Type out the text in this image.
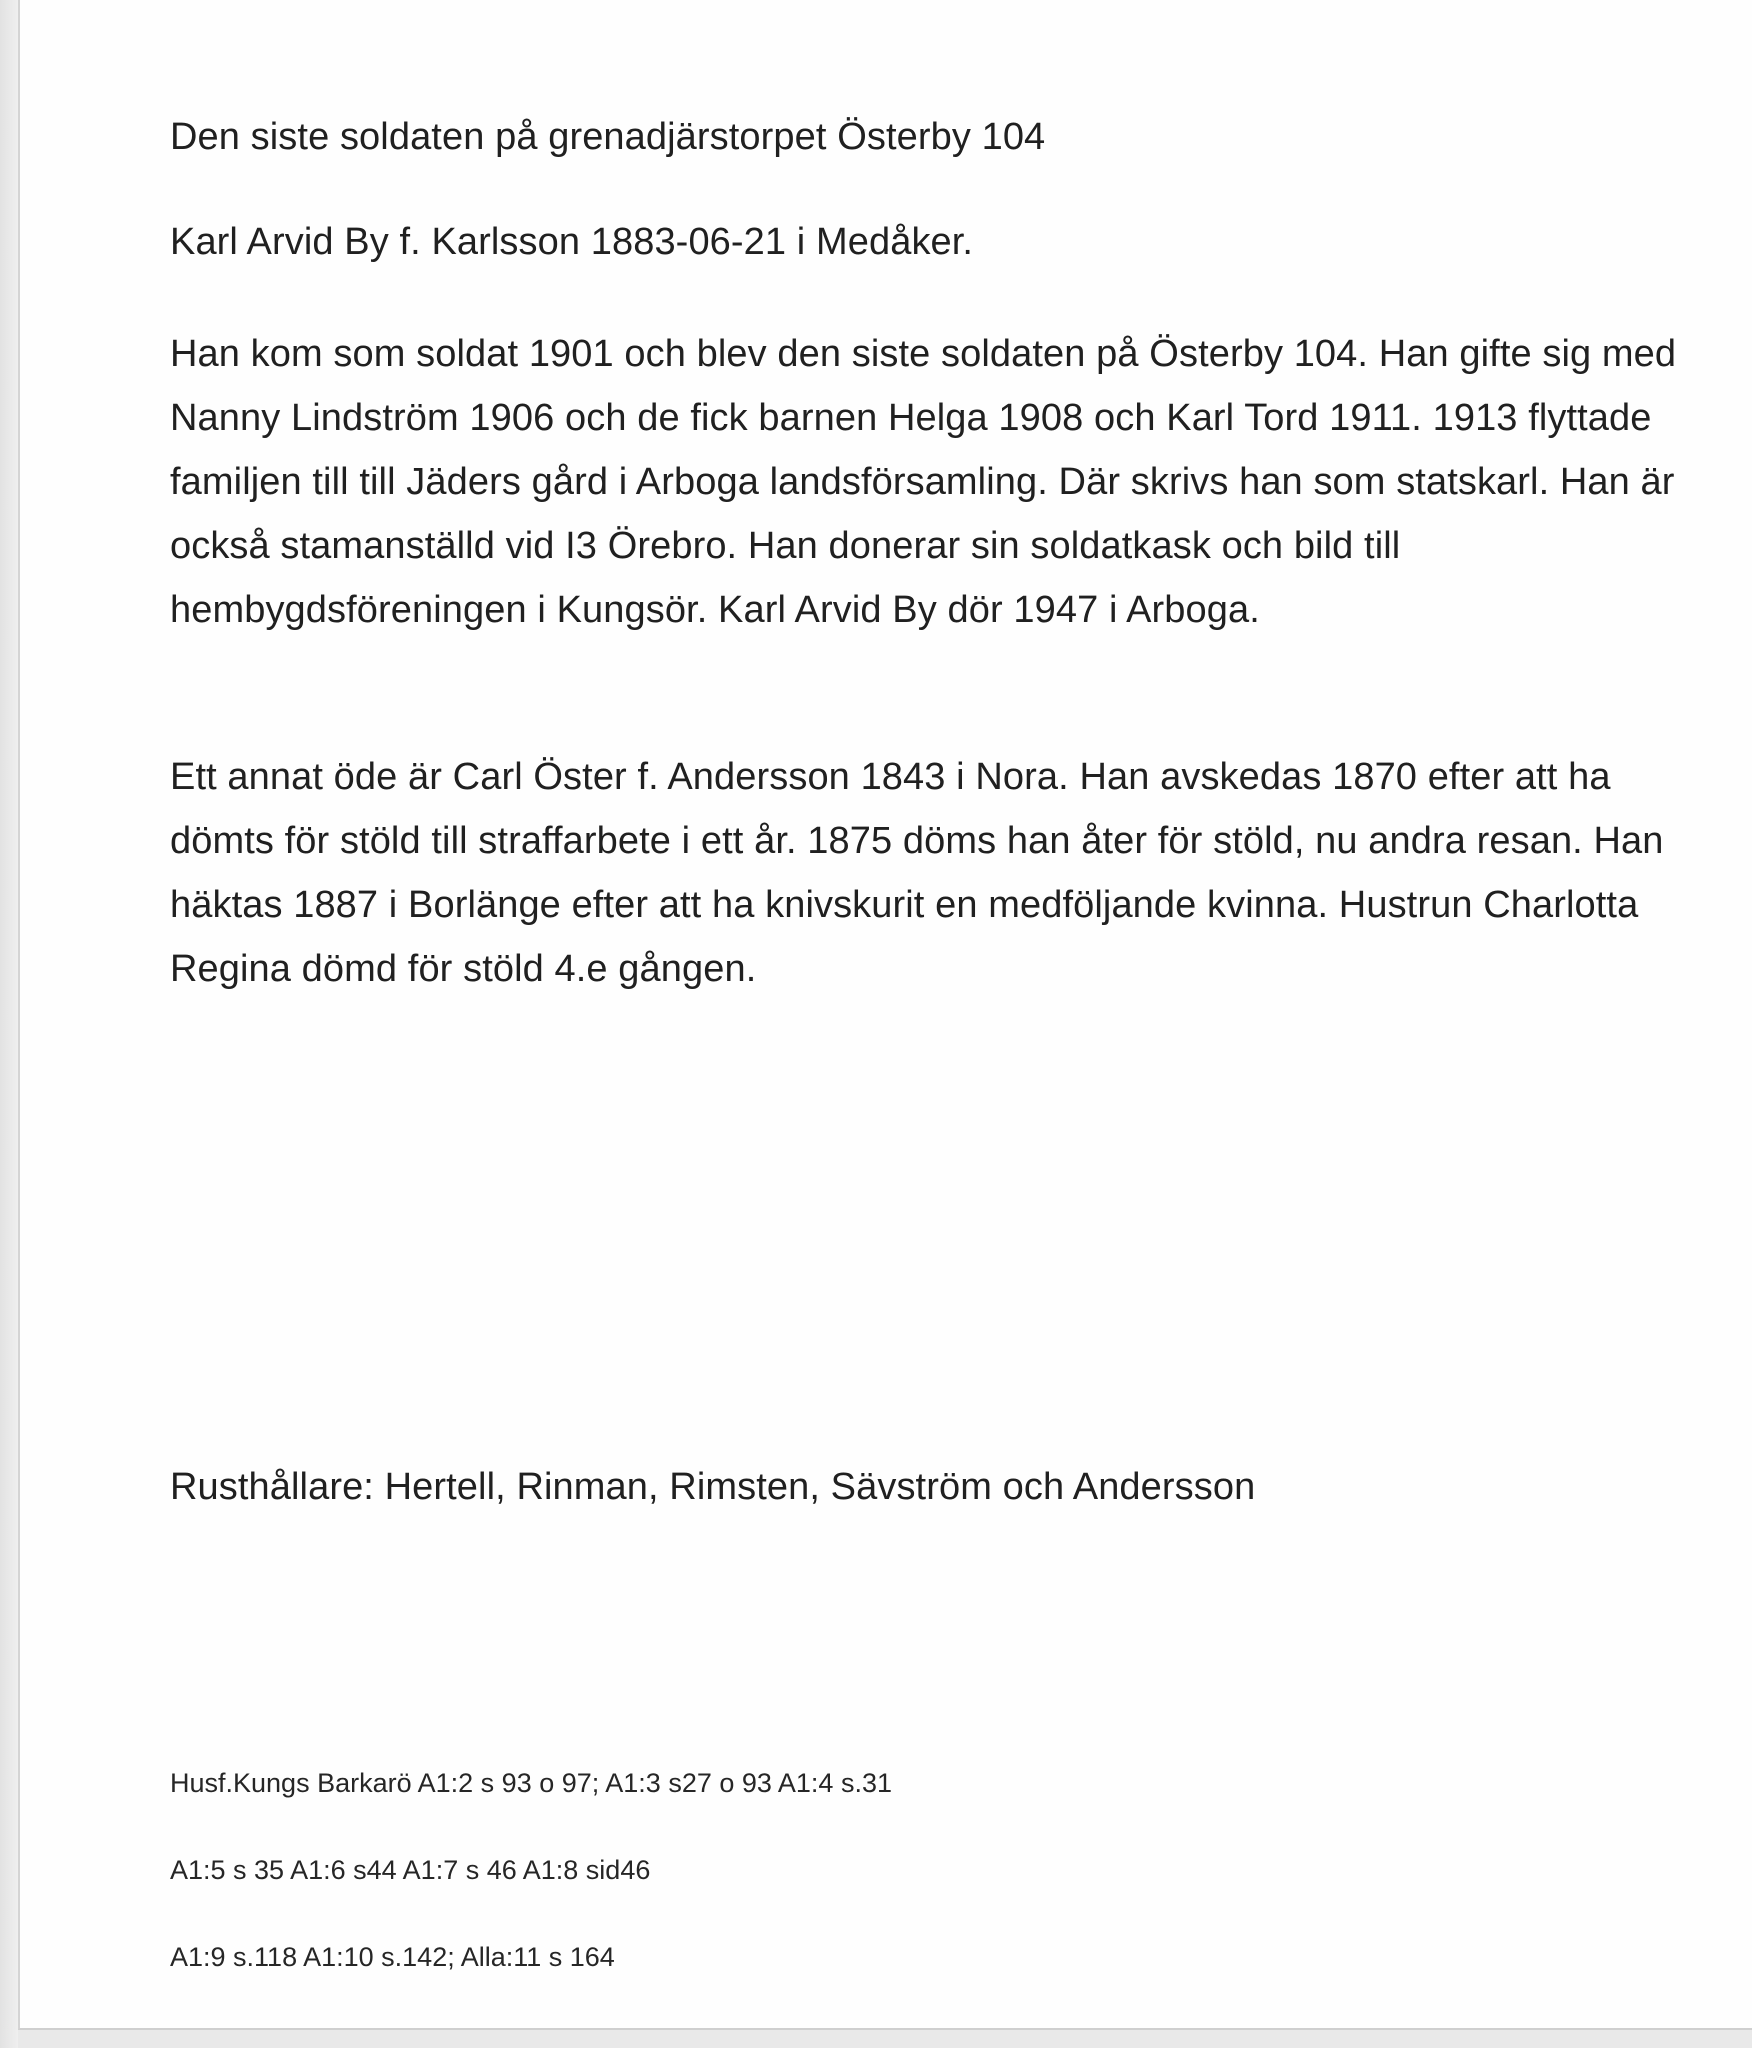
Den siste soldaten på grenadjärstorpet Österby 104

Karl Arvid By f. Karlsson 1883-06-21 i Medåker.

Han kom som soldat 1901 och blev den siste soldaten på Österby 104. Han gifte sig med Nanny Lindström 1906 och de fick barnen Helga 1908 och Karl Tord 1911. 1913 flyttade familjen till till Jäders gård i Arboga landsförsamling. Där skrivs han som statskarl. Han är också stamanställd vid I3 Örebro. Han donerar sin soldatkask och bild till hembygdsföreningen i Kungsör. Karl Arvid By dör 1947 i Arboga.

Ett annat öde är Carl Öster f. Andersson 1843 i Nora. Han avskedas 1870 efter att ha dömts för stöld till straffarbete i ett år. 1875 döms han åter för stöld, nu andra resan. Han häktas 1887 i Borlänge efter att ha knivskurit en medföljande kvinna. Hustrun Charlotta Regina dömd för stöld 4.e gången.

Rusthållare: Hertell, Rinman, Rimsten, Sävström och Andersson

Husf.Kungs Barkarö A1:2 s 93 o 97; A1:3 s27 o 93 A1:4 s.31

A1:5 s 35 A1:6 s44 A1:7 s 46 A1:8 sid46

A1:9 s.118 A1:10 s.142; Alla:11 s 164
